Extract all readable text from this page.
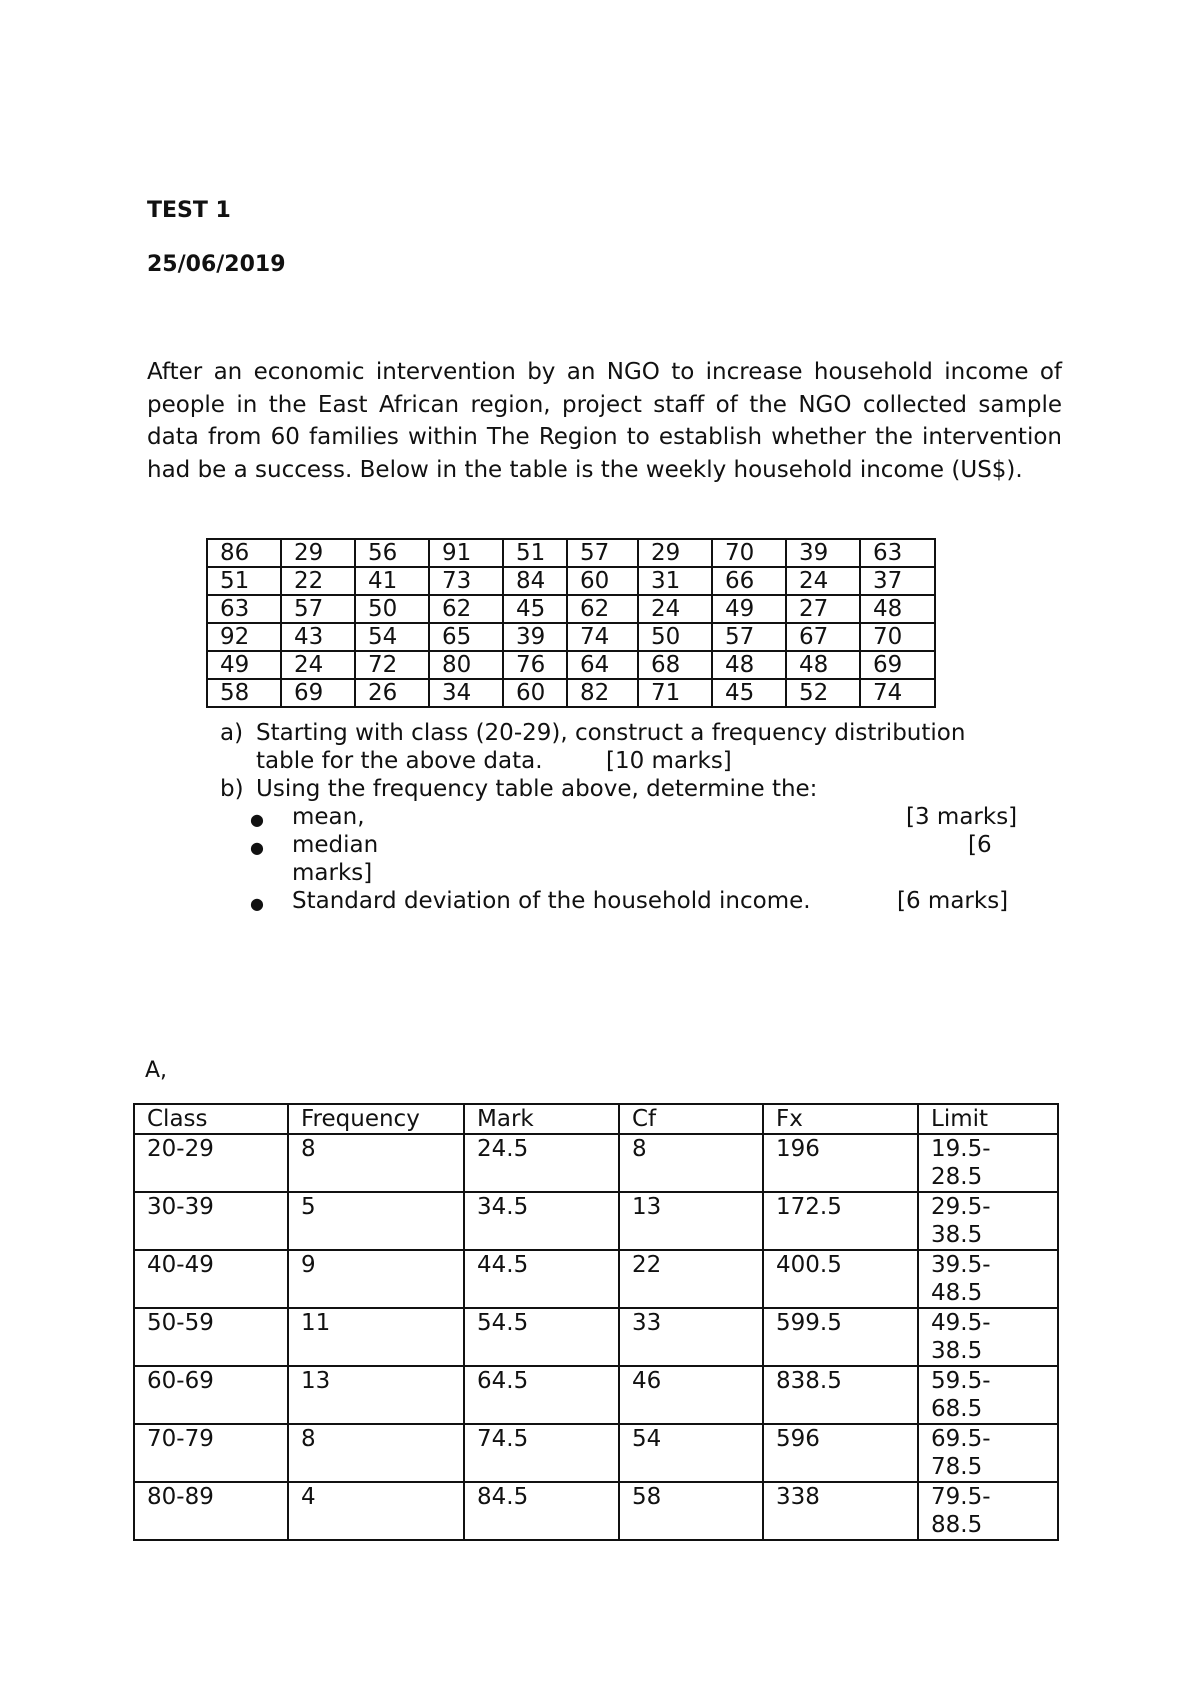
TEST 1

25/06/2019

After an economic intervention by an NGO to increase household income of people in the East African region, project staff of the NGO collected sample data from 60 families within The Region to establish whether the intervention had be a success. Below in the table is the weekly household income (US$).

86	29	56	91	51	57	29	70	39	63
51	22	41	73	84	60	31	66	24	37
63	57	50	62	45	62	24	49	27	48
92	43	54	65	39	74	50	57	67	70
49	24	72	80	76	64	68	48	48	69
58	69	26	34	60	82	71	45	52	74
a) Starting with class (20-29), construct a frequency distribution
table for the above data.	[10 marks]
b) Using the frequency table above, determine the:
● mean,	[3 marks]
● median	[6
marks]
● Standard deviation of the household income.	[6 marks]

A,

Class	Frequency	Mark	Cf	Fx	Limit
20-29	8	24.5	8	196	19.5-
28.5
30-39	5	34.5	13	172.5	29.5-
38.5
40-49	9	44.5	22	400.5	39.5-
48.5
50-59	11	54.5	33	599.5	49.5-
38.5
60-69	13	64.5	46	838.5	59.5-
68.5
70-79	8	74.5	54	596	69.5-
78.5
80-89	4	84.5	58	338	79.5-
88.5
